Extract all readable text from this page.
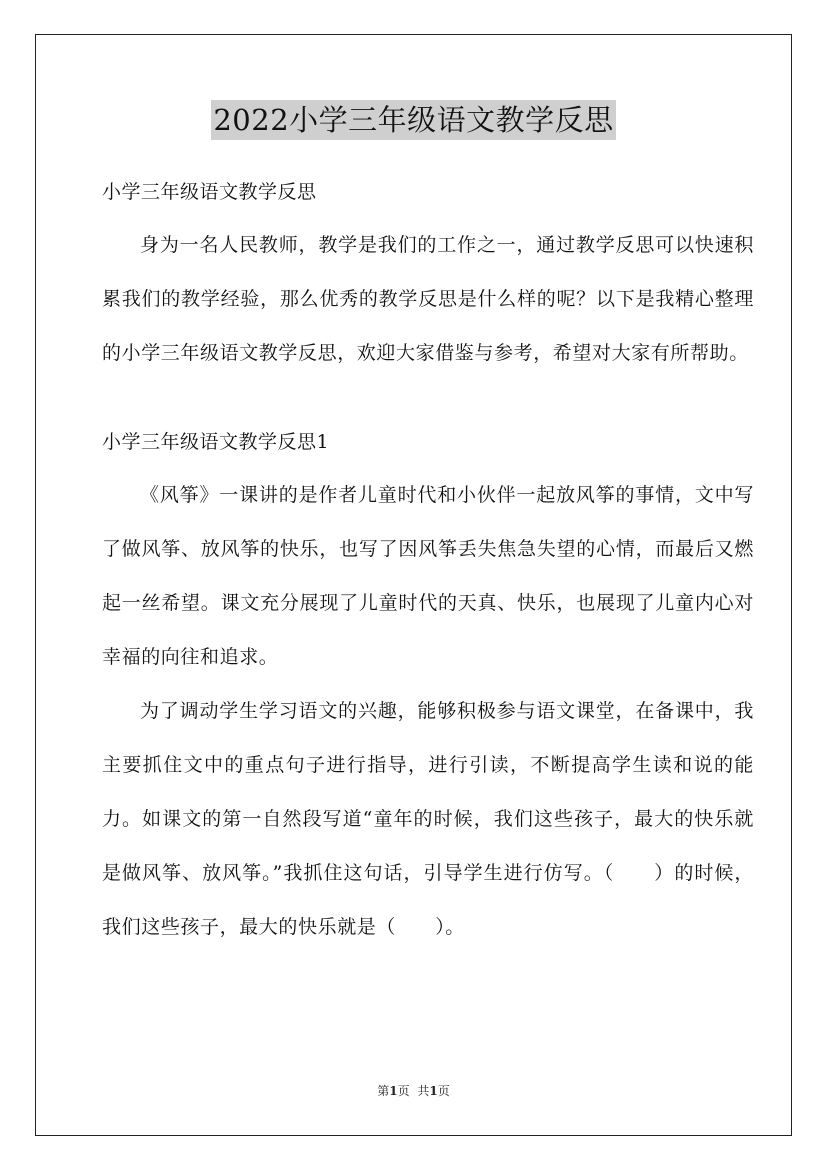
2022小学三年级语文教学反思

小学三年级语文教学反思

身为一名人民教师，教学是我们的工作之一，通过教学反思可以快速积累我们的教学经验，那么优秀的教学反思是什么样的呢？以下是我精心整理的小学三年级语文教学反思，欢迎大家借鉴与参考，希望对大家有所帮助。

小学三年级语文教学反思1

《风筝》一课讲的是作者儿童时代和小伙伴一起放风筝的事情，文中写了做风筝、放风筝的快乐，也写了因风筝丢失焦急失望的心情，而最后又燃起一丝希望。课文充分展现了儿童时代的天真、快乐，也展现了儿童内心对幸福的向往和追求。

为了调动学生学习语文的兴趣，能够积极参与语文课堂，在备课中，我主要抓住文中的重点句子进行指导，进行引读，不断提高学生读和说的能力。如课文的第一自然段写道“童年的时候，我们这些孩子，最大的快乐就是做风筝、放风筝。”我抓住这句话，引导学生进行仿写。（　　）的时候，我们这些孩子，最大的快乐就是（　　）。

第1页 共1页
